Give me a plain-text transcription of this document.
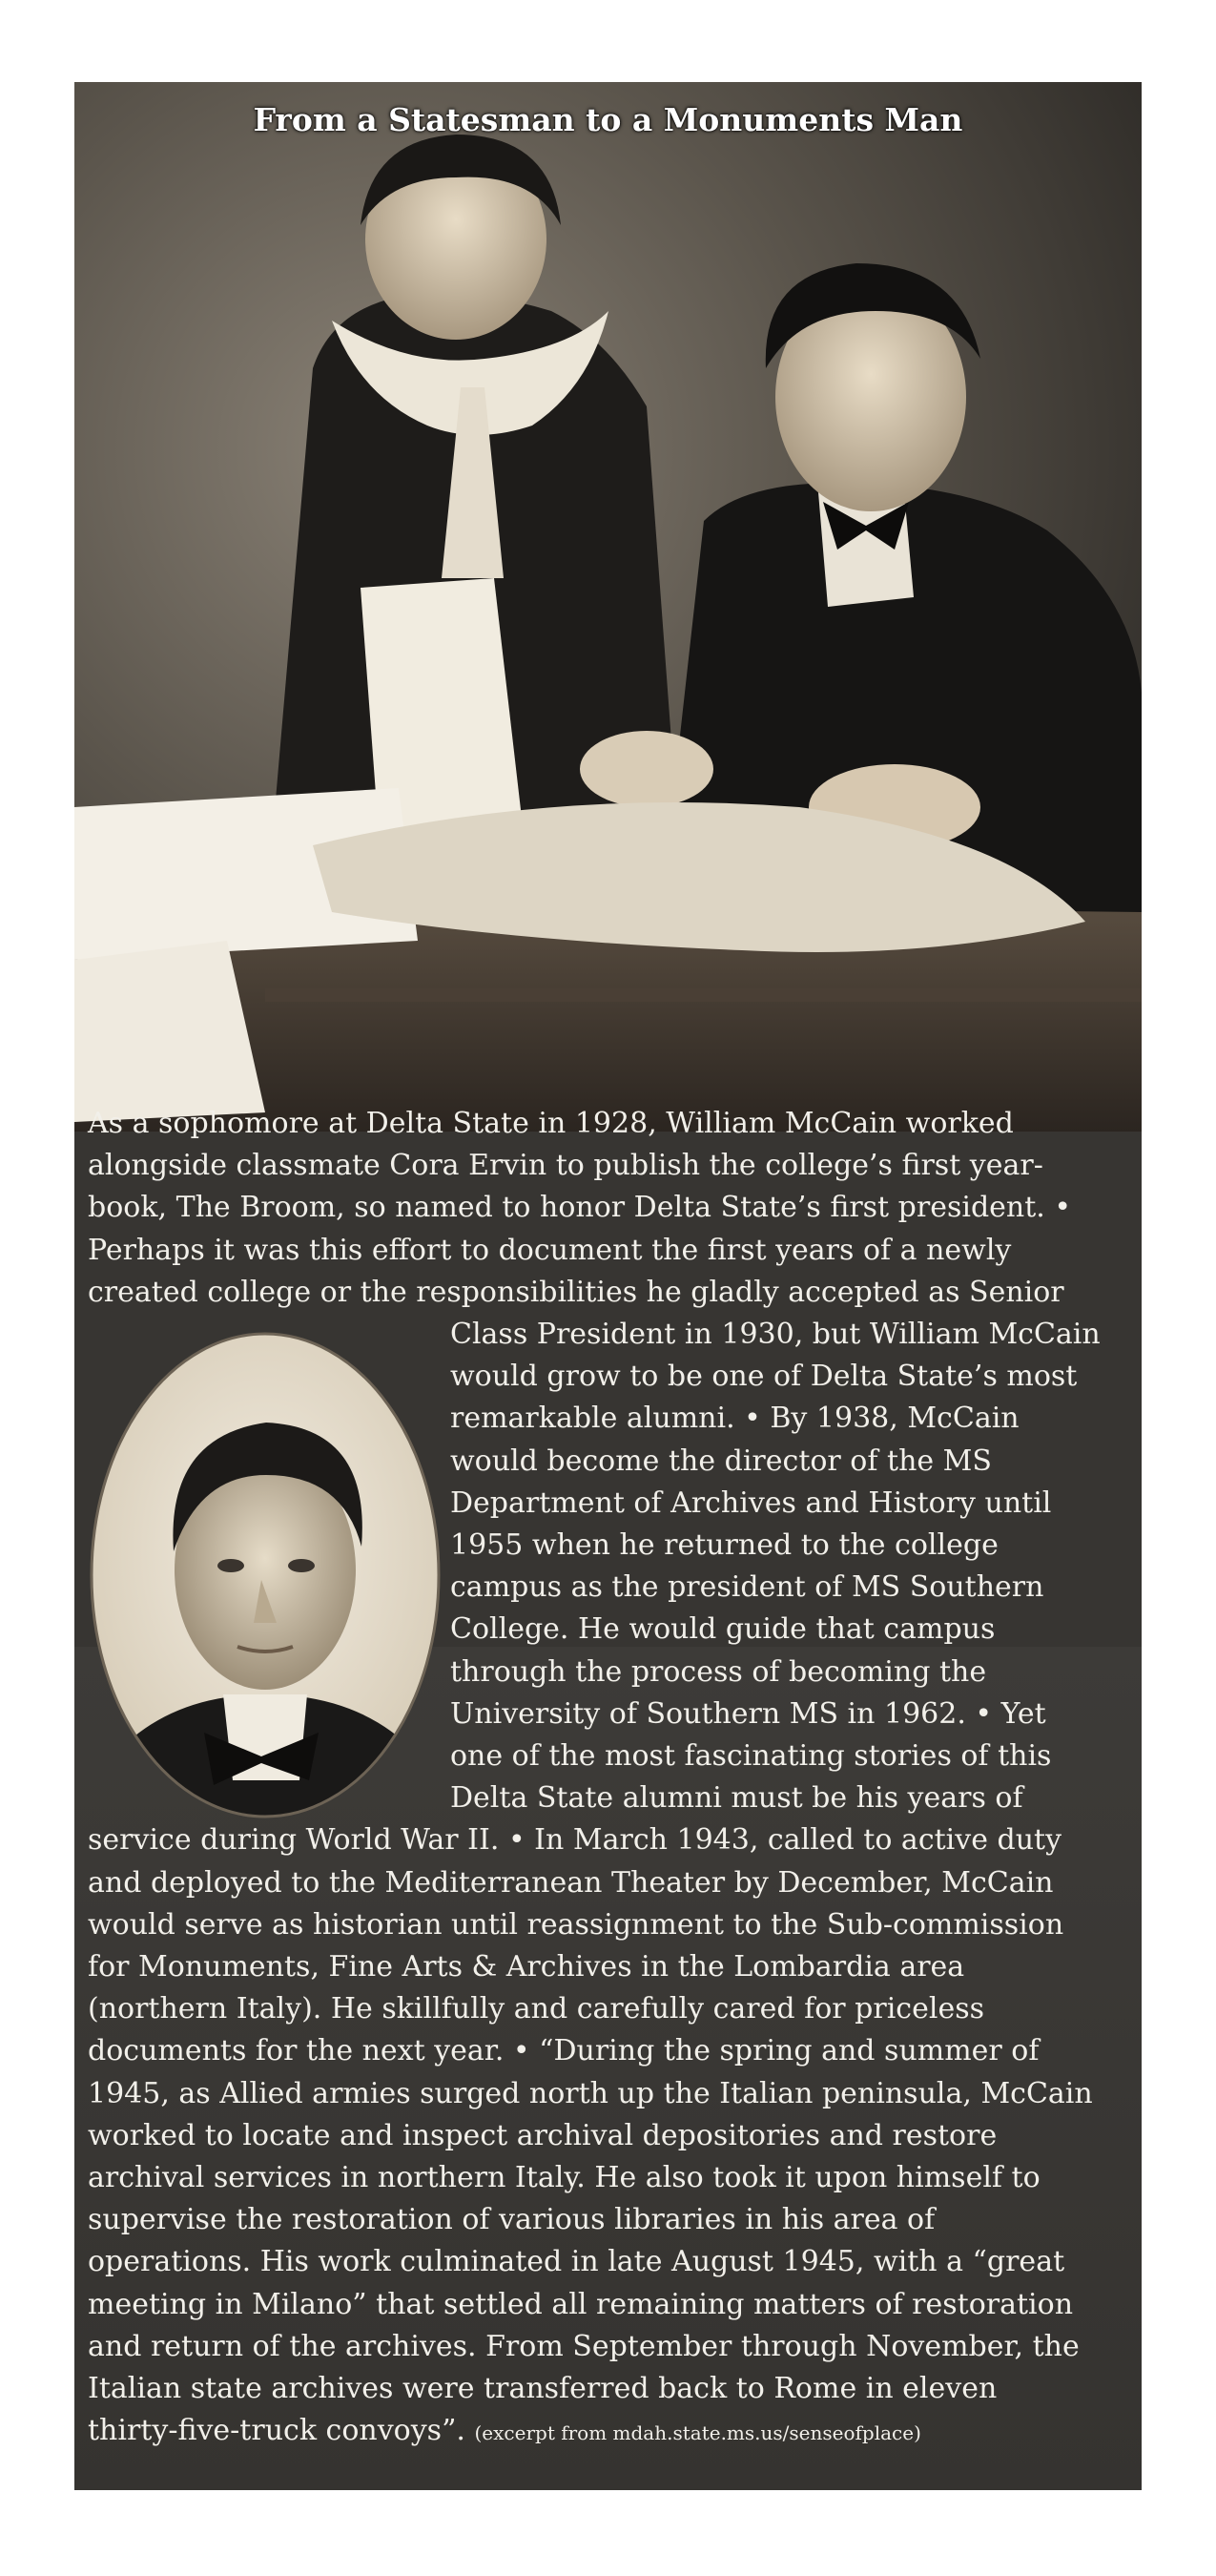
From a Statesman to a Monuments Man
As a sophomore at Delta State in 1928, William McCain worked
alongside classmate Cora Ervin to publish the college’s first year-
book, The Broom, so named to honor Delta State’s first president. •
Perhaps it was this effort to document the first years of a newly
created college or the responsibilities he gladly accepted as Senior
Class President in 1930, but William McCain
would grow to be one of Delta State’s most
remarkable alumni. • By 1938, McCain
would become the director of the MS
Department of Archives and History until
1955 when he returned to the college
campus as the president of MS Southern
College. He would guide that campus
through the process of becoming the
University of Southern MS in 1962. • Yet
one of the most fascinating stories of this
Delta State alumni must be his years of
service during World War II. • In March 1943, called to active duty
and deployed to the Mediterranean Theater by December, McCain
would serve as historian until reassignment to the Sub-commission
for Monuments, Fine Arts & Archives in the Lombardia area
(northern Italy). He skillfully and carefully cared for priceless
documents for the next year. • “During the spring and summer of
1945, as Allied armies surged north up the Italian peninsula, McCain
worked to locate and inspect archival depositories and restore
archival services in northern Italy. He also took it upon himself to
supervise the restoration of various libraries in his area of
operations. His work culminated in late August 1945, with a “great
meeting in Milano” that settled all remaining matters of restoration
and return of the archives. From September through November, the
Italian state archives were transferred back to Rome in eleven
thirty-five-truck convoys”. (excerpt from mdah.state.ms.us/senseofplace)
